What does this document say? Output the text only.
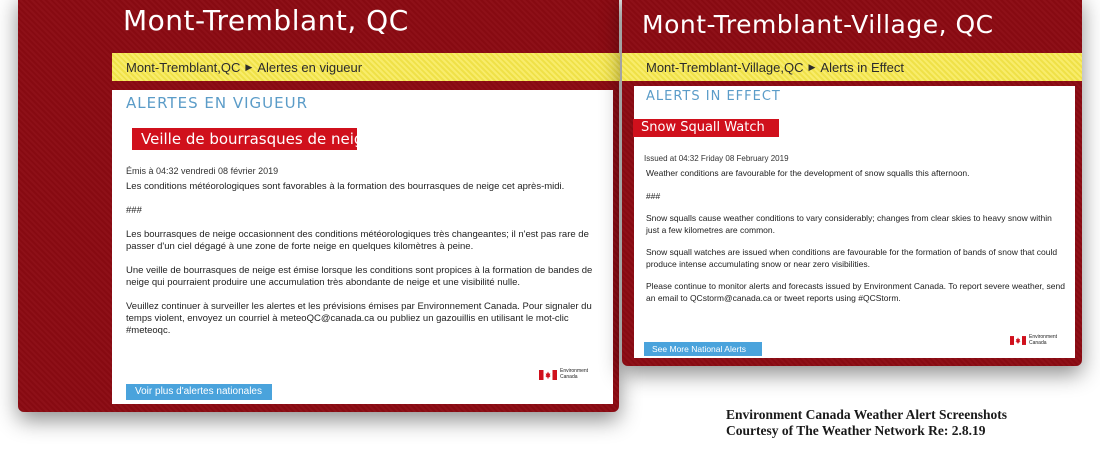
Mont-Tremblant, QC
Mont-Tremblant,QC ▶ Alertes en vigueur
ALERTES EN VIGUEUR
Veille de bourrasques de neige
Émis à 04:32 vendredi 08 février 2019

Les conditions météorologiques sont favorables à la formation des bourrasques de neige cet après-midi.

###

Les bourrasques de neige occasionnent des conditions météorologiques très changeantes; il n'est pas rare de passer d'un ciel dégagé à une zone de forte neige en quelques kilomètres à peine.

Une veille de bourrasques de neige est émise lorsque les conditions sont propices à la formation de bandes de neige qui pourraient produire une accumulation très abondante de neige et une visibilité nulle.

Veuillez continuer à surveiller les alertes et les prévisions émises par Environnement Canada. Pour signaler du temps violent, envoyez un courriel à meteoQC@canada.ca ou publiez un gazouillis en utilisant le mot-clic #meteoqc.

Environment
Canada
Voir plus d'alertes nationales
Mont-Tremblant-Village, QC
Mont-Tremblant-Village,QC ▶ Alerts in Effect
ALERTS IN EFFECT
Snow Squall Watch
Issued at 04:32 Friday 08 February 2019

Weather conditions are favourable for the development of snow squalls this afternoon.

###

Snow squalls cause weather conditions to vary considerably; changes from clear skies to heavy snow within just a few kilometres are common.

Snow squall watches are issued when conditions are favourable for the formation of bands of snow that could produce intense accumulating snow or near zero visibilities.

Please continue to monitor alerts and forecasts issued by Environment Canada. To report severe weather, send an email to QCstorm@canada.ca or tweet reports using #QCStorm.

Environment
Canada
See More National Alerts
Environment Canada Weather Alert Screenshots
Courtesy of The Weather Network Re: 2.8.19
